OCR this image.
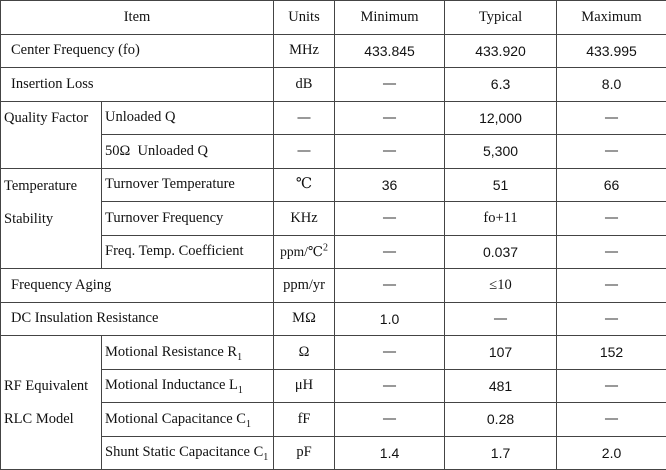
Item		Units	Minimum	Typical	Maximum
Center Frequency (fo)		MHz	433.845	433.920	433.995
Insertion Loss		dB	—	6.3	8.0
Quality Factor	Unloaded Q	—	—	12,000	—
	50Ω  Unloaded Q	—	—	5,300	—

Temperature
Stability	Turnover Temperature	℃	36	51	66
	Turnover Frequency	KHz	—	fo+11	—
	Freq. Temp. Coefficient	ppm/℃$^2$	—	0.037	—
Frequency Aging		ppm/yr	—	≤10	—
DC Insulation Resistance		MΩ	1.0	—	—

RF Equivalent
RLC Model	Motional Resistance $R_1$	Ω	—	107	152
	Motional Inductance $L_1$	μH	—	481	—
	Motional Capacitance $C_1$	fF	—	0.28	—
	Shunt Static Capacitance $C_1$	pF	1.4	1.7	2.0
